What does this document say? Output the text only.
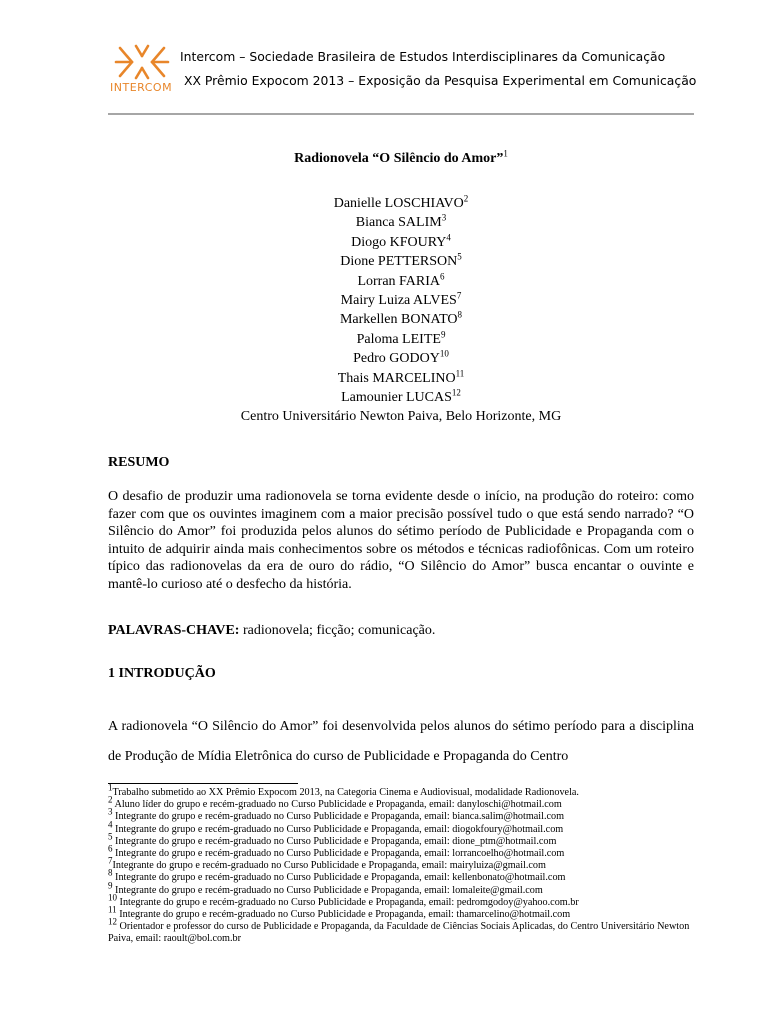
INTERCOM
Intercom – Sociedade Brasileira de Estudos Interdisciplinares da Comunicação
XX Prêmio Expocom 2013 – Exposição da Pesquisa Experimental em Comunicação
Radionovela “O Silêncio do Amor”$^1$
Danielle LOSCHIAVO$^2$
Bianca SALIM$^3$
Diogo KFOURY$^4$
Dione PETTERSON$^5$
Lorran FARIA$^6$
Mairy Luiza ALVES$^7$
Markellen BONATO$^8$
Paloma LEITE$^9$
Pedro GODOY$^{10}$
Thais MARCELINO$^{11}$
Lamounier LUCAS$^{12}$
Centro Universitário Newton Paiva, Belo Horizonte, MG
RESUMO
O desafio de produzir uma radionovela se torna evidente desde o início, na produção do roteiro: como fazer com que os ouvintes imaginem com a maior precisão possível tudo o que está sendo narrado? “O Silêncio do Amor” foi produzida pelos alunos do sétimo período de Publicidade e Propaganda com o intuito de adquirir ainda mais conhecimentos sobre os métodos e técnicas radiofônicas. Com um roteiro típico das radionovelas da era de ouro do rádio, “O Silêncio do Amor” busca encantar o ouvinte e mantê-lo curioso até o desfecho da história.
PALAVRAS-CHAVE: radionovela; ficção; comunicação.
1 INTRODUÇÃO
A radionovela “O Silêncio do Amor” foi desenvolvida pelos alunos do sétimo período para a disciplina de Produção de Mídia Eletrônica do curso de Publicidade e Propaganda do Centro
$^1$Trabalho submetido ao XX Prêmio Expocom 2013, na Categoria Cinema e Audiovisual, modalidade Radionovela.
$^2$ Aluno líder do grupo e recém-graduado no Curso Publicidade e Propaganda, email: danyloschi@hotmail.com
$^3$ Integrante do grupo e recém-graduado no Curso Publicidade e Propaganda, email: bianca.salim@hotmail.com
$^4$ Integrante do grupo e recém-graduado no Curso Publicidade e Propaganda, email: diogokfoury@hotmail.com
$^5$ Integrante do grupo e recém-graduado no Curso Publicidade e Propaganda, email: dione_ptm@hotmail.com
$^6$ Integrante do grupo e recém-graduado no Curso Publicidade e Propaganda, email: lorrancoelho@hotmail.com
$^7$Integrante do grupo e recém-graduado no Curso Publicidade e Propaganda, email: mairyluiza@gmail.com
$^8$ Integrante do grupo e recém-graduado no Curso Publicidade e Propaganda, email: kellenbonato@hotmail.com
$^9$ Integrante do grupo e recém-graduado no Curso Publicidade e Propaganda, email: lomaleite@gmail.com
$^{10}$ Integrante do grupo e recém-graduado no Curso Publicidade e Propaganda, email: pedromgodoy@yahoo.com.br
$^{11}$ Integrante do grupo e recém-graduado no Curso Publicidade e Propaganda, email: thamarcelino@hotmail.com
$^{12}$ Orientador e professor do curso de Publicidade e Propaganda, da Faculdade de Ciências Sociais Aplicadas, do Centro Universitário Newton Paiva, email: raoult@bol.com.br
